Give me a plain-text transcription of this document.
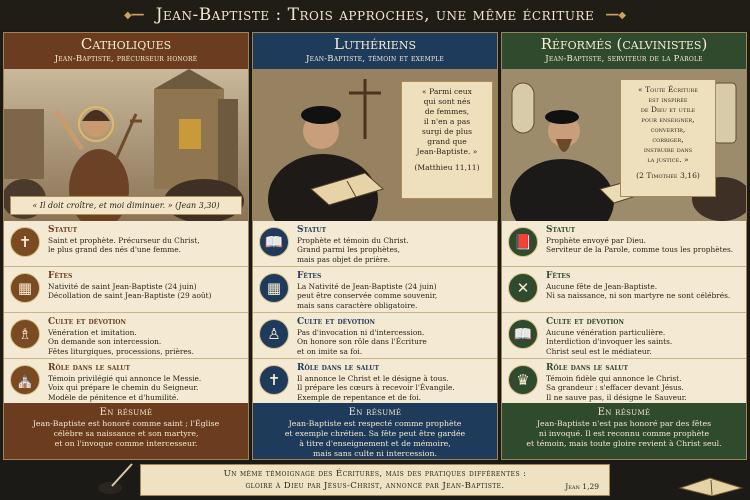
◆━━ Jean-Baptiste : Trois approches, une même écriture ━━◆
Catholiques
Jean-Baptiste, précurseur honoré
« Il doit croître, et moi diminuer. » (Jean 3,30)
✝
Statut
Saint et prophète. Précurseur du Christ,
le plus grand des nés d'une femme.
▦
Fêtes
Nativité de saint Jean-Baptiste (24 juin)
Décollation de saint Jean-Baptiste (29 août)
♗
Culte et dévotion
Vénération et imitation.
On demande son intercession.
Fêtes liturgiques, processions, prières.
⛪
Rôle dans le salut
Témoin privilégié qui annonce le Messie.
Voix qui prépare le chemin du Seigneur.
Modèle de pénitence et d'humilité.
En résumé
Jean-Baptiste est honoré comme saint ; l'Église
célèbre sa naissance et son martyre,
et on l'invoque comme intercesseur.
Luthériens
Jean-Baptiste, témoin et exemple
« Parmi ceux
qui sont nés
de femmes,
il n'en a pas
surgi de plus
grand que
Jean-Baptiste. »
(Matthieu 11,11)
📖
Statut
Prophète et témoin du Christ.
Grand parmi les prophètes,
mais pas objet de prière.
▦
Fêtes
La Nativité de Jean-Baptiste (24 juin)
peut être conservée comme souvenir,
mais sans caractère obligatoire.
♙
Culte et dévotion
Pas d'invocation ni d'intercession.
On honore son rôle dans l'Écriture
et on imite sa foi.
✝
Rôle dans le salut
Il annonce le Christ et le désigne à tous.
Il prépare les cœurs à recevoir l'Évangile.
Exemple de repentance et de foi.
En résumé
Jean-Baptiste est respecté comme prophète
et exemple chrétien. Sa fête peut être gardée
à titre d'enseignement et de mémoire,
mais sans culte ni intercession.
Réformés (calvinistes)
Jean-Baptiste, serviteur de la Parole
« Toute Écriture
est inspirée
de Dieu et utile
pour enseigner,
convertir,
corriger,
instruire dans
la justice. »
(2 Timothée 3,16)
📕
Statut
Prophète envoyé par Dieu.
Serviteur de la Parole, comme tous les prophètes.
✕
Fêtes
Aucune fête de Jean-Baptiste.
Ni sa naissance, ni son martyre ne sont célébrés.
📖
Culte et dévotion
Aucune vénération particulière.
Interdiction d'invoquer les saints.
Christ seul est le médiateur.
♛
Rôle dans le salut
Témoin fidèle qui annonce le Christ.
Sa grandeur : s'effacer devant Jésus.
Il ne sauve pas, il désigne le Sauveur.
En résumé
Jean-Baptiste n'est pas honoré par des fêtes
ni invoqué. Il est reconnu comme prophète
et témoin, mais toute gloire revient à Christ seul.
Un même témoignage des Écritures, mais des pratiques différentes :
gloire à Dieu par Jésus-Christ, annoncé par Jean-Baptiste.	Jean 1,29
